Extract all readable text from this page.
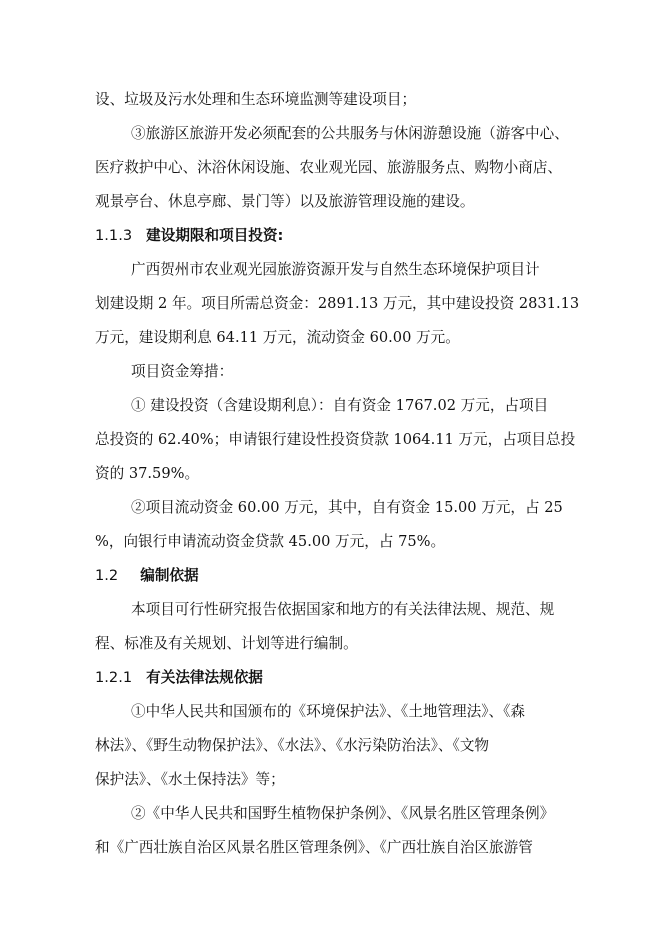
设、垃圾及污水处理和生态环境监测等建设项目；
③旅游区旅游开发必须配套的公共服务与休闲游憩设施（游客中心、
医疗救护中心、沐浴休闲设施、农业观光园、旅游服务点、购物小商店、
观景亭台、休息亭廊、景门等）以及旅游管理设施的建设。
1.1.3 建设期限和项目投资:
广西贺州市农业观光园旅游资源开发与自然生态环境保护项目计
划建设期 2 年。项目所需总资金：2891.13 万元，其中建设投资 2831.13
万元，建设期利息 64.11 万元，流动资金 60.00 万元。
项目资金筹措：
① 建设投资（含建设期利息）：自有资金 1767.02 万元，占项目
总投资的 62.40%；申请银行建设性投资贷款 1064.11 万元，占项目总投
资的 37.59%。
②项目流动资金 60.00 万元，其中，自有资金 15.00 万元，占 25
%，向银行申请流动资金贷款 45.00 万元，占 75%。
1.2 编制依据
本项目可行性研究报告依据国家和地方的有关法律法规、规范、规
程、标准及有关规划、计划等进行编制。
1.2.1 有关法律法规依据
①中华人民共和国颁布的《环境保护法》、《土地管理法》、《森
林法》、《野生动物保护法》、《水法》、《水污染防治法》、《文物
保护法》、《水土保持法》等；
②《中华人民共和国野生植物保护条例》、《风景名胜区管理条例》
和《广西壮族自治区风景名胜区管理条例》、《广西壮族自治区旅游管
